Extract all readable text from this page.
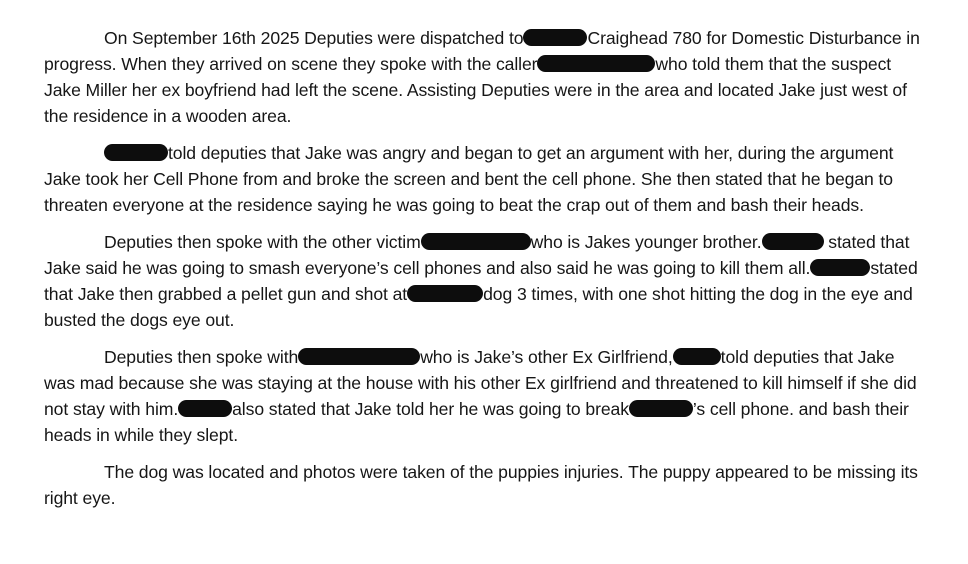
On September 16th 2025 Deputies were dispatched to	Craighead 780 for Domestic Disturbance in progress. When they arrived on scene they spoke with the caller	who told them that the suspect Jake Miller her ex boyfriend had left the scene. Assisting Deputies were in the area and located Jake just west of the residence in a wooden area.

told deputies that Jake was angry and began to get an argument with her, during the argument Jake took her Cell Phone from and broke the screen and bent the cell phone. She then stated that he began to threaten everyone at the residence saying he was going to beat the crap out of them and bash their heads.

Deputies then spoke with the other victim	who is Jakes younger brother.	stated that Jake said he was going to smash everyone’s cell phones and also said he was going to kill them all.	stated that Jake then grabbed a pellet gun and shot at	dog 3 times, with one shot hitting the dog in the eye and busted the dogs eye out.

Deputies then spoke with	who is Jake’s other Ex Girlfriend,	told deputies that Jake was mad because she was staying at the house with his other Ex girlfriend and threatened to kill himself if she did not stay with him.	also stated that Jake told her he was going to break	’s cell phone. and bash their heads in while they slept.

The dog was located and photos were taken of the puppies injuries. The puppy appeared to be missing its right eye.
